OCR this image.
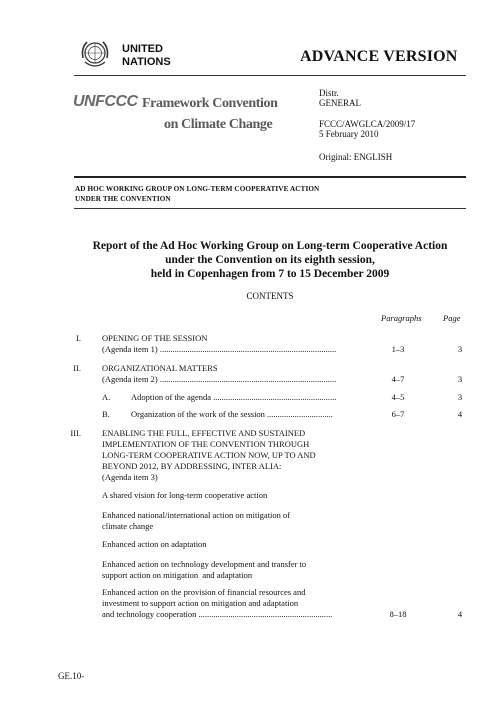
UNITED
NATIONS	ADVANCE VERSION
UNFCCC Framework Convention
on Climate Change
Distr.
GENERAL
FCCC/AWGLCA/2009/17
5 February 2010
Original: ENGLISH
AD HOC WORKING GROUP ON LONG-TERM COOPERATIVE ACTION
UNDER THE CONVENTION
Report of the Ad Hoc Working Group on Long-term Cooperative Action
under the Convention on its eighth session,
held in Copenhagen from 7 to 15 December 2009
CONTENTS
Paragraphs	Page
I. OPENING OF THE SESSION
(Agenda item 1) ...................................................................................	1–3	3
II. ORGANIZATIONAL MATTERS
(Agenda item 2) ...................................................................................	4–7	3
A. Adoption of the agenda ..........................................................	4–5	3
B. Organization of the work of the session ...............................	6–7	4
III. ENABLING THE FULL, EFFECTIVE AND SUSTAINED
IMPLEMENTATION OF THE CONVENTION THROUGH
LONG-TERM COOPERATIVE ACTION NOW, UP TO AND
BEYOND 2012, BY ADDRESSING, INTER ALIA:
(Agenda item 3)
A shared vision for long-term cooperative action
Enhanced national/international action on mitigation of
climate change
Enhanced action on adaptation
Enhanced action on technology development and transfer to
support action on mitigation  and adaptation
Enhanced action on the provision of financial resources and
investment to support action on mitigation and adaptation
and technology cooperation ...............................................................	8–18	4
GE.10-
